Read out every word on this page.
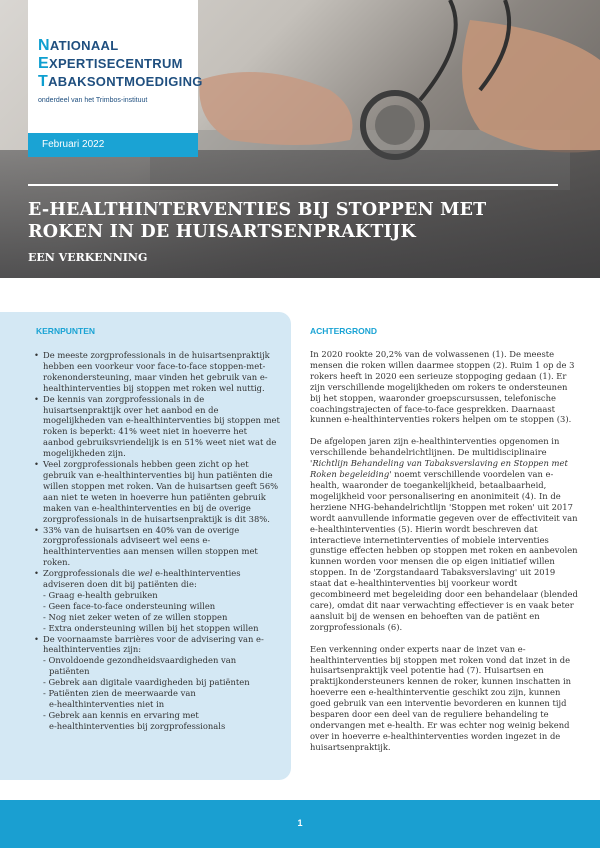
NATIONAAL
EXPERTISECENTRUM
TABAKSONTMOEDIGING
onderdeel van het Trimbos-instituut
Februari 2022
E-HEALTHINTERVENTIES BIJ STOPPEN MET ROKEN IN DE HUISARTSENPRAKTIJK
EEN VERKENNING
KERNPUNTEN
• De meeste zorgprofessionals in de huisartsenpraktijk hebben een voorkeur voor face-to-face stoppen-met-rokenondersteuning, maar vinden het gebruik van e-healthinterventies bij stoppen met roken wel nuttig.
• De kennis van zorgprofessionals in de huisartsenpraktijk over het aanbod en de mogelijkheden van e-healthinterventies bij stoppen met roken is beperkt: 41% weet niet in hoeverre het aanbod gebruiksvriendelijk is en 51% weet niet wat de mogelijkheden zijn.
• Veel zorgprofessionals hebben geen zicht op het gebruik van e-healthinterventies bij hun patiënten die willen stoppen met roken. Van de huisartsen geeft 56% aan niet te weten in hoeverre hun patiënten gebruik maken van e-healthinterventies en bij de overige zorgprofessionals in de huisartsenpraktijk is dit 38%.
• 33% van de huisartsen en 40% van de overige zorgprofessionals adviseert wel eens e-healthinterventies aan mensen willen stoppen met roken.
• Zorgprofessionals die wel e-healthinterventies adviseren doen dit bij patiënten die:
- Graag e-health gebruiken
- Geen face-to-face ondersteuning willen
- Nog niet zeker weten of ze willen stoppen
- Extra ondersteuning willen bij het stoppen willen
• De voornaamste barrières voor de advisering van e-healthinterventies zijn:
- Onvoldoende gezondheidsvaardigheden van
patiënten
- Gebrek aan digitale vaardigheden bij patiënten
- Patiënten zien de meerwaarde van
e-healthinterventies niet in
- Gebrek aan kennis en ervaring met
e-healthinterventies bij zorgprofessionals
ACHTERGROND

In 2020 rookte 20,2% van de volwassenen (1). De meeste mensen die roken willen daarmee stoppen (2). Ruim 1 op de 3 rokers heeft in 2020 een serieuze stoppoging gedaan (1). Er zijn verschillende mogelijkheden om rokers te ondersteunen bij het stoppen, waaronder groepscursussen, telefonische coachingstrajecten of face-to-face gesprekken. Daarnaast kunnen e-healthinterventies rokers helpen om te stoppen (3).

De afgelopen jaren zijn e-healthinterventies opgenomen in verschillende behandelrichtlijnen. De multidisciplinaire 'Richtlijn Behandeling van Tabaksverslaving en Stoppen met Roken begeleiding' noemt verschillende voordelen van e-health, waaronder de toegankelijkheid, betaalbaarheid, mogelijkheid voor personalisering en anonimiteit (4). In de herziene NHG-behandelrichtlijn 'Stoppen met roken' uit 2017 wordt aanvullende informatie gegeven over de effectiviteit van e-healthinterventies (5). Hierin wordt beschreven dat interactieve internetinterventies of mobiele interventies gunstige effecten hebben op stoppen met roken en aanbevolen kunnen worden voor mensen die op eigen initiatief willen stoppen. In de 'Zorgstandaard Tabaksverslaving' uit 2019 staat dat e-healthinterventies bij voorkeur wordt gecombineerd met begeleiding door een behandelaar (blended care), omdat dit naar verwachting effectiever is en vaak beter aansluit bij de wensen en behoeften van de patiënt en zorgprofessionals (6).

Een verkenning onder experts naar de inzet van e-healthinterventies bij stoppen met roken vond dat inzet in de huisartsenpraktijk veel potentie had (7). Huisartsen en praktijkondersteuners kennen de roker, kunnen inschatten in hoeverre een e-healthinterventie geschikt zou zijn, kunnen goed gebruik van een interventie bevorderen en kunnen tijd besparen door een deel van de reguliere behandeling te ondervangen met e-health. Er was echter nog weinig bekend over in hoeverre e-healthinterventies worden ingezet in de huisartsenpraktijk.

1
